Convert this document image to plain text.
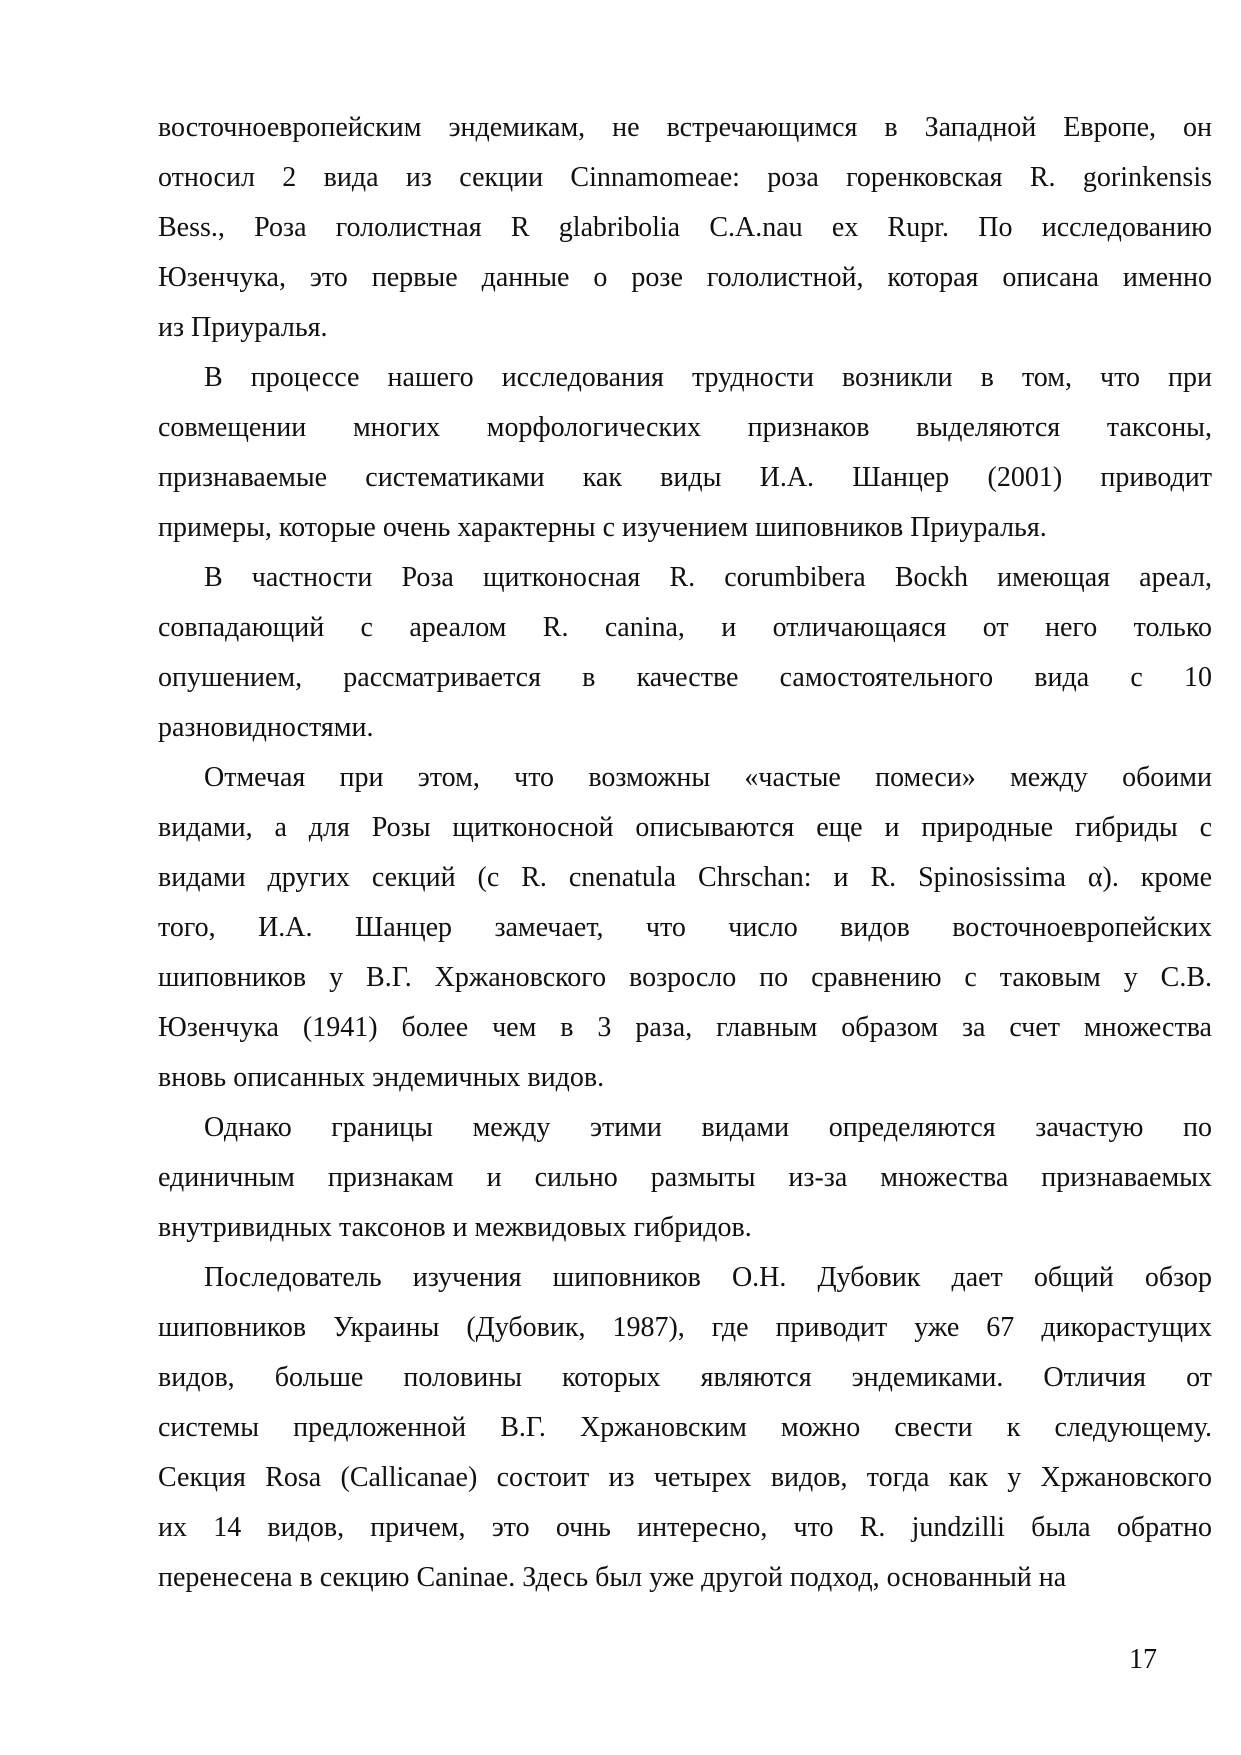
восточноевропейским эндемикам, не встречающимся в Западной Европе, он
относил 2 вида из секции Cinnamomeae: роза горенковская R. gorinkensis
Bess., Роза гололистная R glabribolia C.A.nau ex Rupr. По исследованию
Юзенчука, это первые данные о розе гололистной, которая описана именно
из Приуралья.
В процессе нашего исследования трудности возникли в том, что при
совмещении многих морфологических признаков выделяются таксоны,
признаваемые систематиками как виды И.А. Шанцер (2001) приводит
примеры, которые очень характерны с изучением шиповников Приуралья.
В частности Роза щитконосная R. corumbibera Bockh имеющая ареал,
совпадающий с ареалом R. canina, и отличающаяся от него только
опушением, рассматривается в качестве самостоятельного вида с 10
разновидностями.
Отмечая при этом, что возможны «частые помеси» между обоими
видами, а для Розы щитконосной описываются еще и природные гибриды с
видами других секций (с R. cnenatula Chrschan: и R. Spinosissima α). кроме
того, И.А. Шанцер замечает, что число видов восточноевропейских
шиповников у В.Г. Хржановского возросло по сравнению с таковым у С.В.
Юзенчука (1941) более чем в 3 раза, главным образом за счет множества
вновь описанных эндемичных видов.
Однако границы между этими видами определяются зачастую по
единичным признакам и сильно размыты из-за множества признаваемых
внутривидных таксонов и межвидовых гибридов.
Последователь изучения шиповников О.Н. Дубовик дает общий обзор
шиповников Украины (Дубовик, 1987), где приводит уже 67 дикорастущих
видов, больше половины которых являются эндемиками. Отличия от
системы предложенной В.Г. Хржановским можно свести к следующему.
Секция Rosa (Callicanae) состоит из четырех видов, тогда как у Хржановского
их 14 видов, причем, это очнь интересно, что R. jundzilli была обратно
перенесена в секцию Caninae. Здесь был уже другой подход, основанный на
17
